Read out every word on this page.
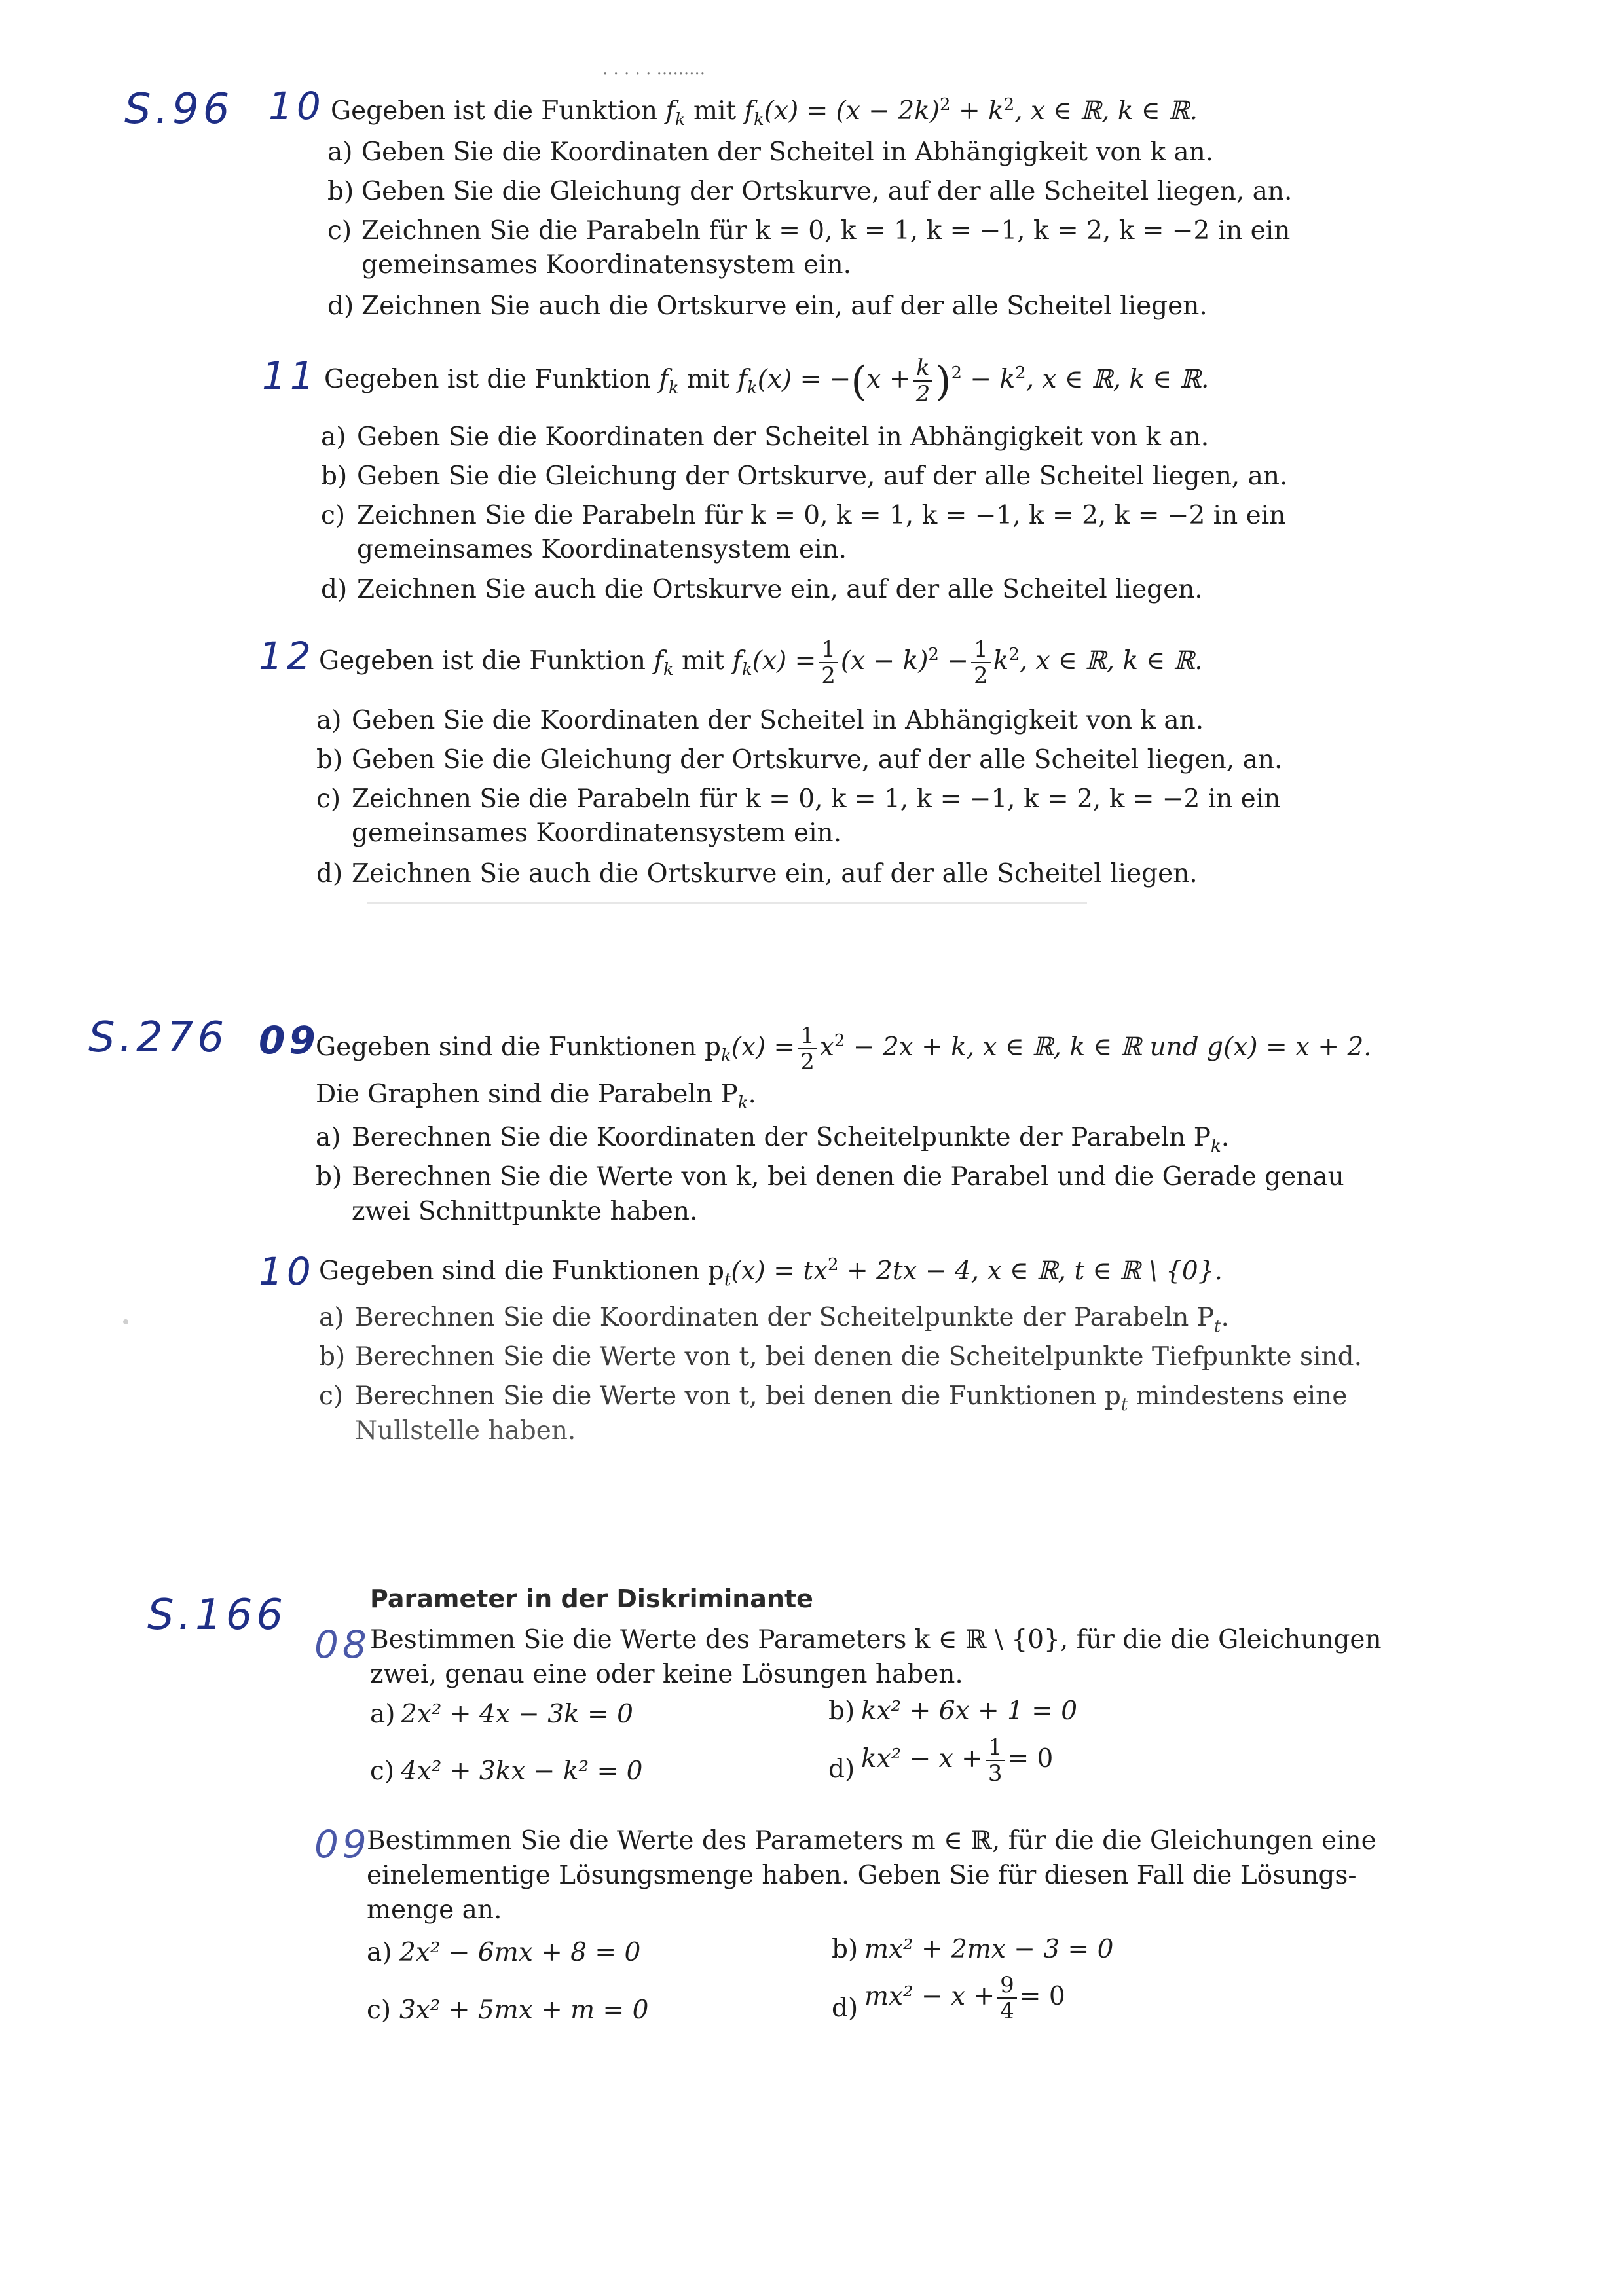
· · · · · ·········
S.96 10 Gegeben ist die Funktion $f_k$ mit $f_k(x) = (x - 2k)^2 + k^2$, x ∈ ℝ, k ∈ ℝ.
a) Geben Sie die Koordinaten der Scheitel in Abhängigkeit von k an.
b) Geben Sie die Gleichung der Ortskurve, auf der alle Scheitel liegen, an.
c) Zeichnen Sie die Parabeln für k = 0, k = 1, k = −1, k = 2, k = −2 in ein
gemeinsames Koordinatensystem ein.
d) Zeichnen Sie auch die Ortskurve ein, auf der alle Scheitel liegen.
11 Gegeben ist die Funktion $f_k$ mit $f_k(x) = -(x + \frac{k}{2} )^2 - k^2$, x ∈ ℝ, k ∈ ℝ.
a) Geben Sie die Koordinaten der Scheitel in Abhängigkeit von k an.
b) Geben Sie die Gleichung der Ortskurve, auf der alle Scheitel liegen, an.
c) Zeichnen Sie die Parabeln für k = 0, k = 1, k = −1, k = 2, k = −2 in ein
gemeinsames Koordinatensystem ein.
d) Zeichnen Sie auch die Ortskurve ein, auf der alle Scheitel liegen.
12 Gegeben ist die Funktion $f_k$ mit $f_k(x) = \frac{1}{2} (x - k)^2 - \frac{1}{2} k^2$, x ∈ ℝ, k ∈ ℝ.
a) Geben Sie die Koordinaten der Scheitel in Abhängigkeit von k an.
b) Geben Sie die Gleichung der Ortskurve, auf der alle Scheitel liegen, an.
c) Zeichnen Sie die Parabeln für k = 0, k = 1, k = −1, k = 2, k = −2 in ein
gemeinsames Koordinatensystem ein.
d) Zeichnen Sie auch die Ortskurve ein, auf der alle Scheitel liegen.
S.276 09
Gegeben sind die Funktionen $p_k(x) = \frac{1}{2} x^2 - 2x + k$, x ∈ ℝ, k ∈ ℝ und g(x) = x + 2.
Die Graphen sind die Parabeln $P_k$.
a) Berechnen Sie die Koordinaten der Scheitelpunkte der Parabeln $P_k$.
b) Berechnen Sie die Werte von k, bei denen die Parabel und die Gerade genau
zwei Schnittpunkte haben.
10 Gegeben sind die Funktionen $p_t(x) = tx^2 + 2tx - 4$, x ∈ ℝ, t ∈ ℝ \ {0}.
a) Berechnen Sie die Koordinaten der Scheitelpunkte der Parabeln $P_t$.
b) Berechnen Sie die Werte von t, bei denen die Scheitelpunkte Tiefpunkte sind.
c) Berechnen Sie die Werte von t, bei denen die Funktionen $p_t$ mindestens eine
Nullstelle haben.
S.166	Parameter in der Diskriminante
08 Bestimmen Sie die Werte des Parameters k ∈ ℝ \ {0}, für die die Gleichungen
zwei, genau eine oder keine Lösungen haben.
a) 2x² + 4x − 3k = 0	b) kx² + 6x + 1 = 0
c) 4x² + 3kx − k² = 0	d) $kx^2 - x + \frac{1}{3} = 0$
09
Bestimmen Sie die Werte des Parameters m ∈ ℝ, für die die Gleichungen eine
einelementige Lösungsmenge haben. Geben Sie für diesen Fall die Lösungs-
menge an.
a) 2x² − 6mx + 8 = 0	b) mx² + 2mx − 3 = 0
c) 3x² + 5mx + m = 0	d) $mx^2 - x + \frac{9}{4} = 0$
